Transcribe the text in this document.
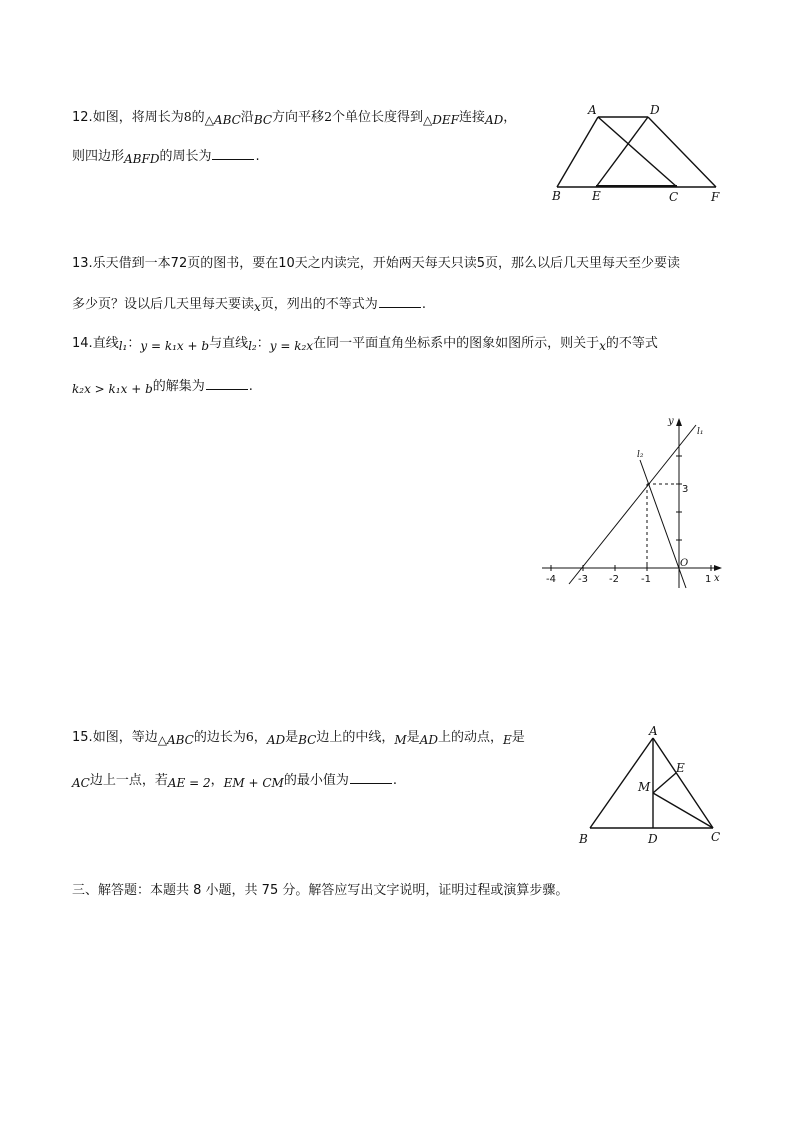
12.如图，将周长为8的△ABC沿BC方向平移2个单位长度得到△DEF连接AD，
则四边形ABFD的周长为	.
A	D
B	E	C	F
13.乐天借到一本72页的图书，要在10天之内读完，开始两天每天只读5页，那么以后几天里每天至少要读
多少页？设以后几天里每天要读x页，列出的不等式为	.
14.直线l₁：y = k₁x + b与直线l₂：y = k₂x在同一平面直角坐标系中的图象如图所示，则关于x的不等式
k₂x > k₁x + b的解集为	.
-4 -3 -2 -1	1
3
x
y
O
l₁
l₂
15.如图，等边△ABC的边长为6，AD是BC边上的中线，M是AD上的动点，E是
AC边上一点，若AE = 2，EM + CM的最小值为	.
A
E
M
B	D	C
三、解答题：本题共 8 小题，共 75 分。解答应写出文字说明，证明过程或演算步骤。
